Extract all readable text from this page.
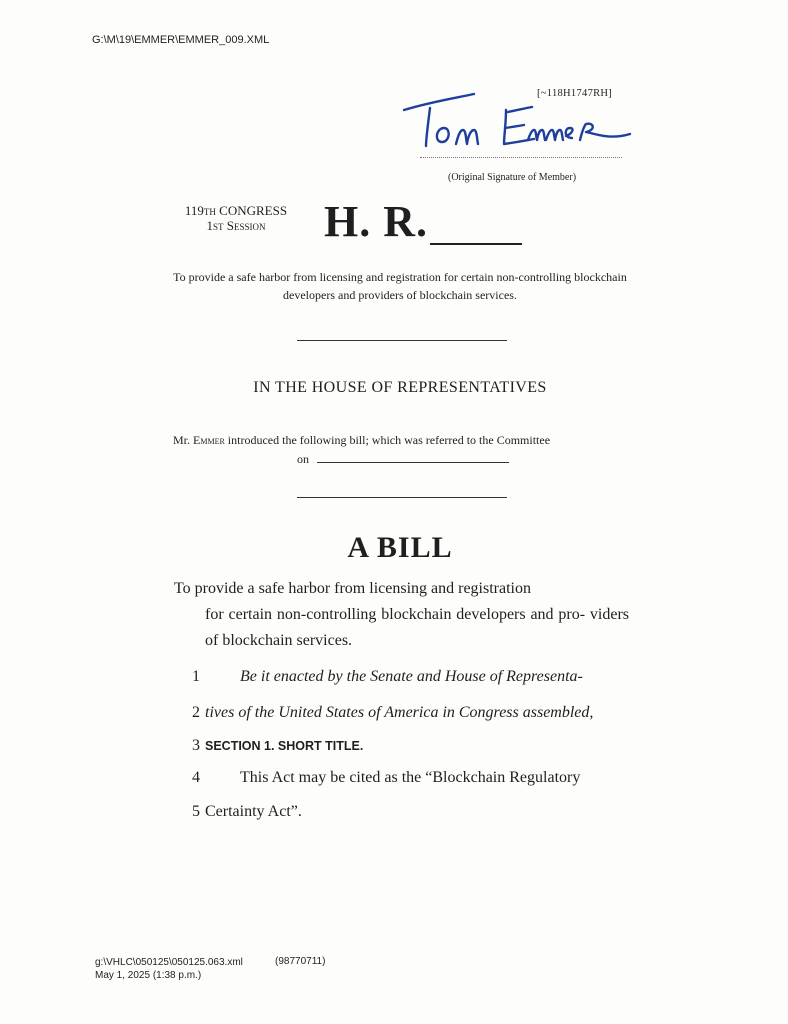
G:\M\19\EMMER\EMMER_009.XML
[~118H1747RH]
(Original Signature of Member)
119th CONGRESS
1st Session	H. R.
To provide a safe harbor from licensing and registration for certain non-controlling blockchain developers and providers of blockchain services.
IN THE HOUSE OF REPRESENTATIVES
Mr. Emmer introduced the following bill; which was referred to the Committee
on
A BILL
To provide a safe harbor from licensing and registration
for certain non-controlling blockchain developers and pro- viders of blockchain services.
1	Be it enacted by the Senate and House of Representa-
2 tives of the United States of America in Congress assembled,
3 SECTION 1. SHORT TITLE.
4	This Act may be cited as the “Blockchain Regulatory
5 Certainty Act”.
g:\VHLC\050125\050125.063.xml
May 1, 2025 (1:38 p.m.)
(98770711)
